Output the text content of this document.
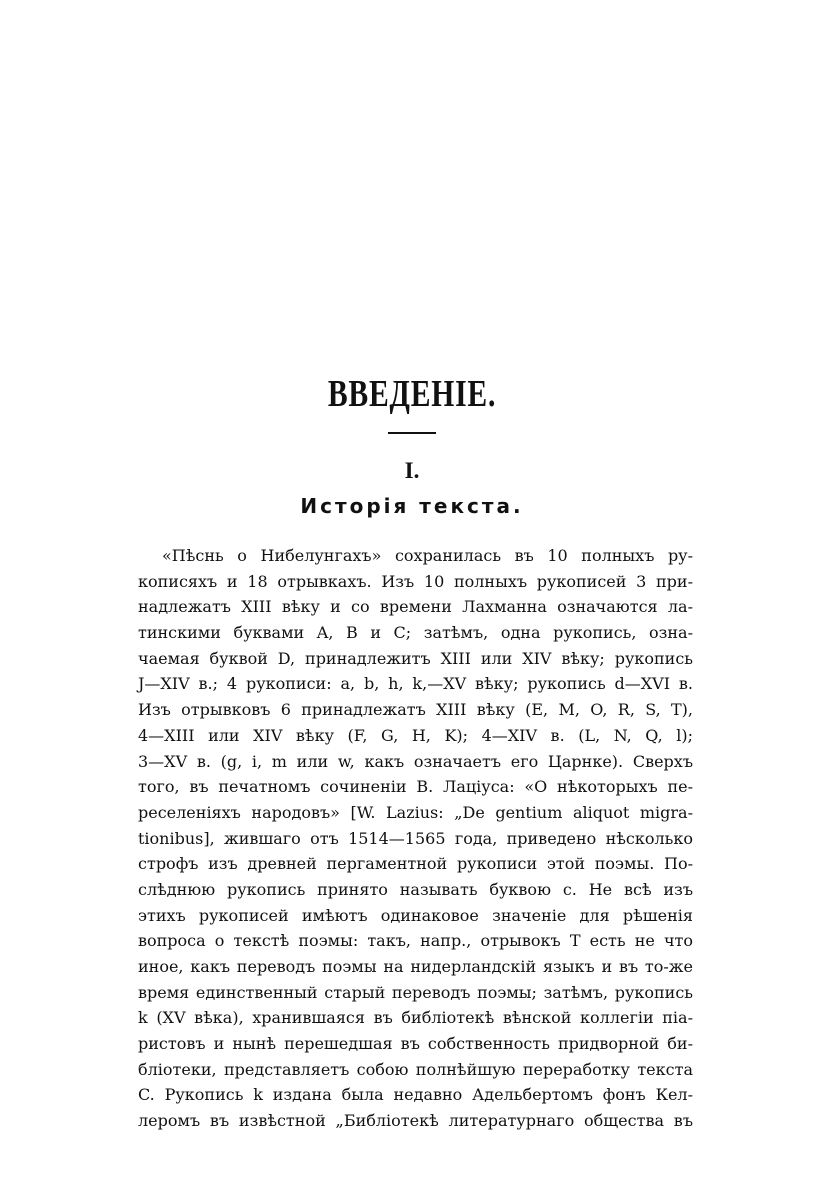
ВВЕДЕНІЕ.
I.
Исторія текста.
«Пѣснь о Нибелунгахъ» сохранилась въ 10 полныхъ ру-
кописяхъ и 18 отрывкахъ. Изъ 10 полныхъ рукописей 3 при-
надлежатъ XIII вѣку и со времени Лахманна означаются ла-
тинскими буквами A, B и C; затѣмъ, одна рукопись, озна-
чаемая буквой D, принадлежитъ XIII или XIV вѣку; рукопись
J—XIV в.; 4 рукописи: a, b, h, k,—XV вѣку; рукопись d—XVI в.
Изъ отрывковъ 6 принадлежатъ XIII вѣку (E, M, O, R, S, T),
4—XIII или XIV вѣку (F, G, H, K); 4—XIV в. (L, N, Q, l);
3—XV в. (g, i, m или w, какъ означаетъ его Царнке). Сверхъ
того, въ печатномъ сочиненіи В. Лаціуса: «О нѣкоторыхъ пе-
реселеніяхъ народовъ» [W. Lazius: „De gentium aliquot migra-
tionibus], жившаго отъ 1514—1565 года, приведено нѣсколько
строфъ изъ древней пергаментной рукописи этой поэмы. По-
слѣднюю рукопись принято называть буквою c. Не всѣ изъ
этихъ рукописей имѣютъ одинаковое значеніе для рѣшенія
вопроса о текстѣ поэмы: такъ, напр., отрывокъ T есть не что
иное, какъ переводъ поэмы на нидерландскій языкъ и въ то-же
время единственный старый переводъ поэмы; затѣмъ, рукопись
k (XV вѣка), хранившаяся въ библіотекѣ вѣнской коллегіи піа-
ристовъ и нынѣ перешедшая въ собственность придворной би-
бліотеки, представляетъ собою полнѣйшую переработку текста
C. Рукопись k издана была недавно Адельбертомъ фонъ Кел-
леромъ въ извѣстной „Библіотекѣ литературнаго общества въ
